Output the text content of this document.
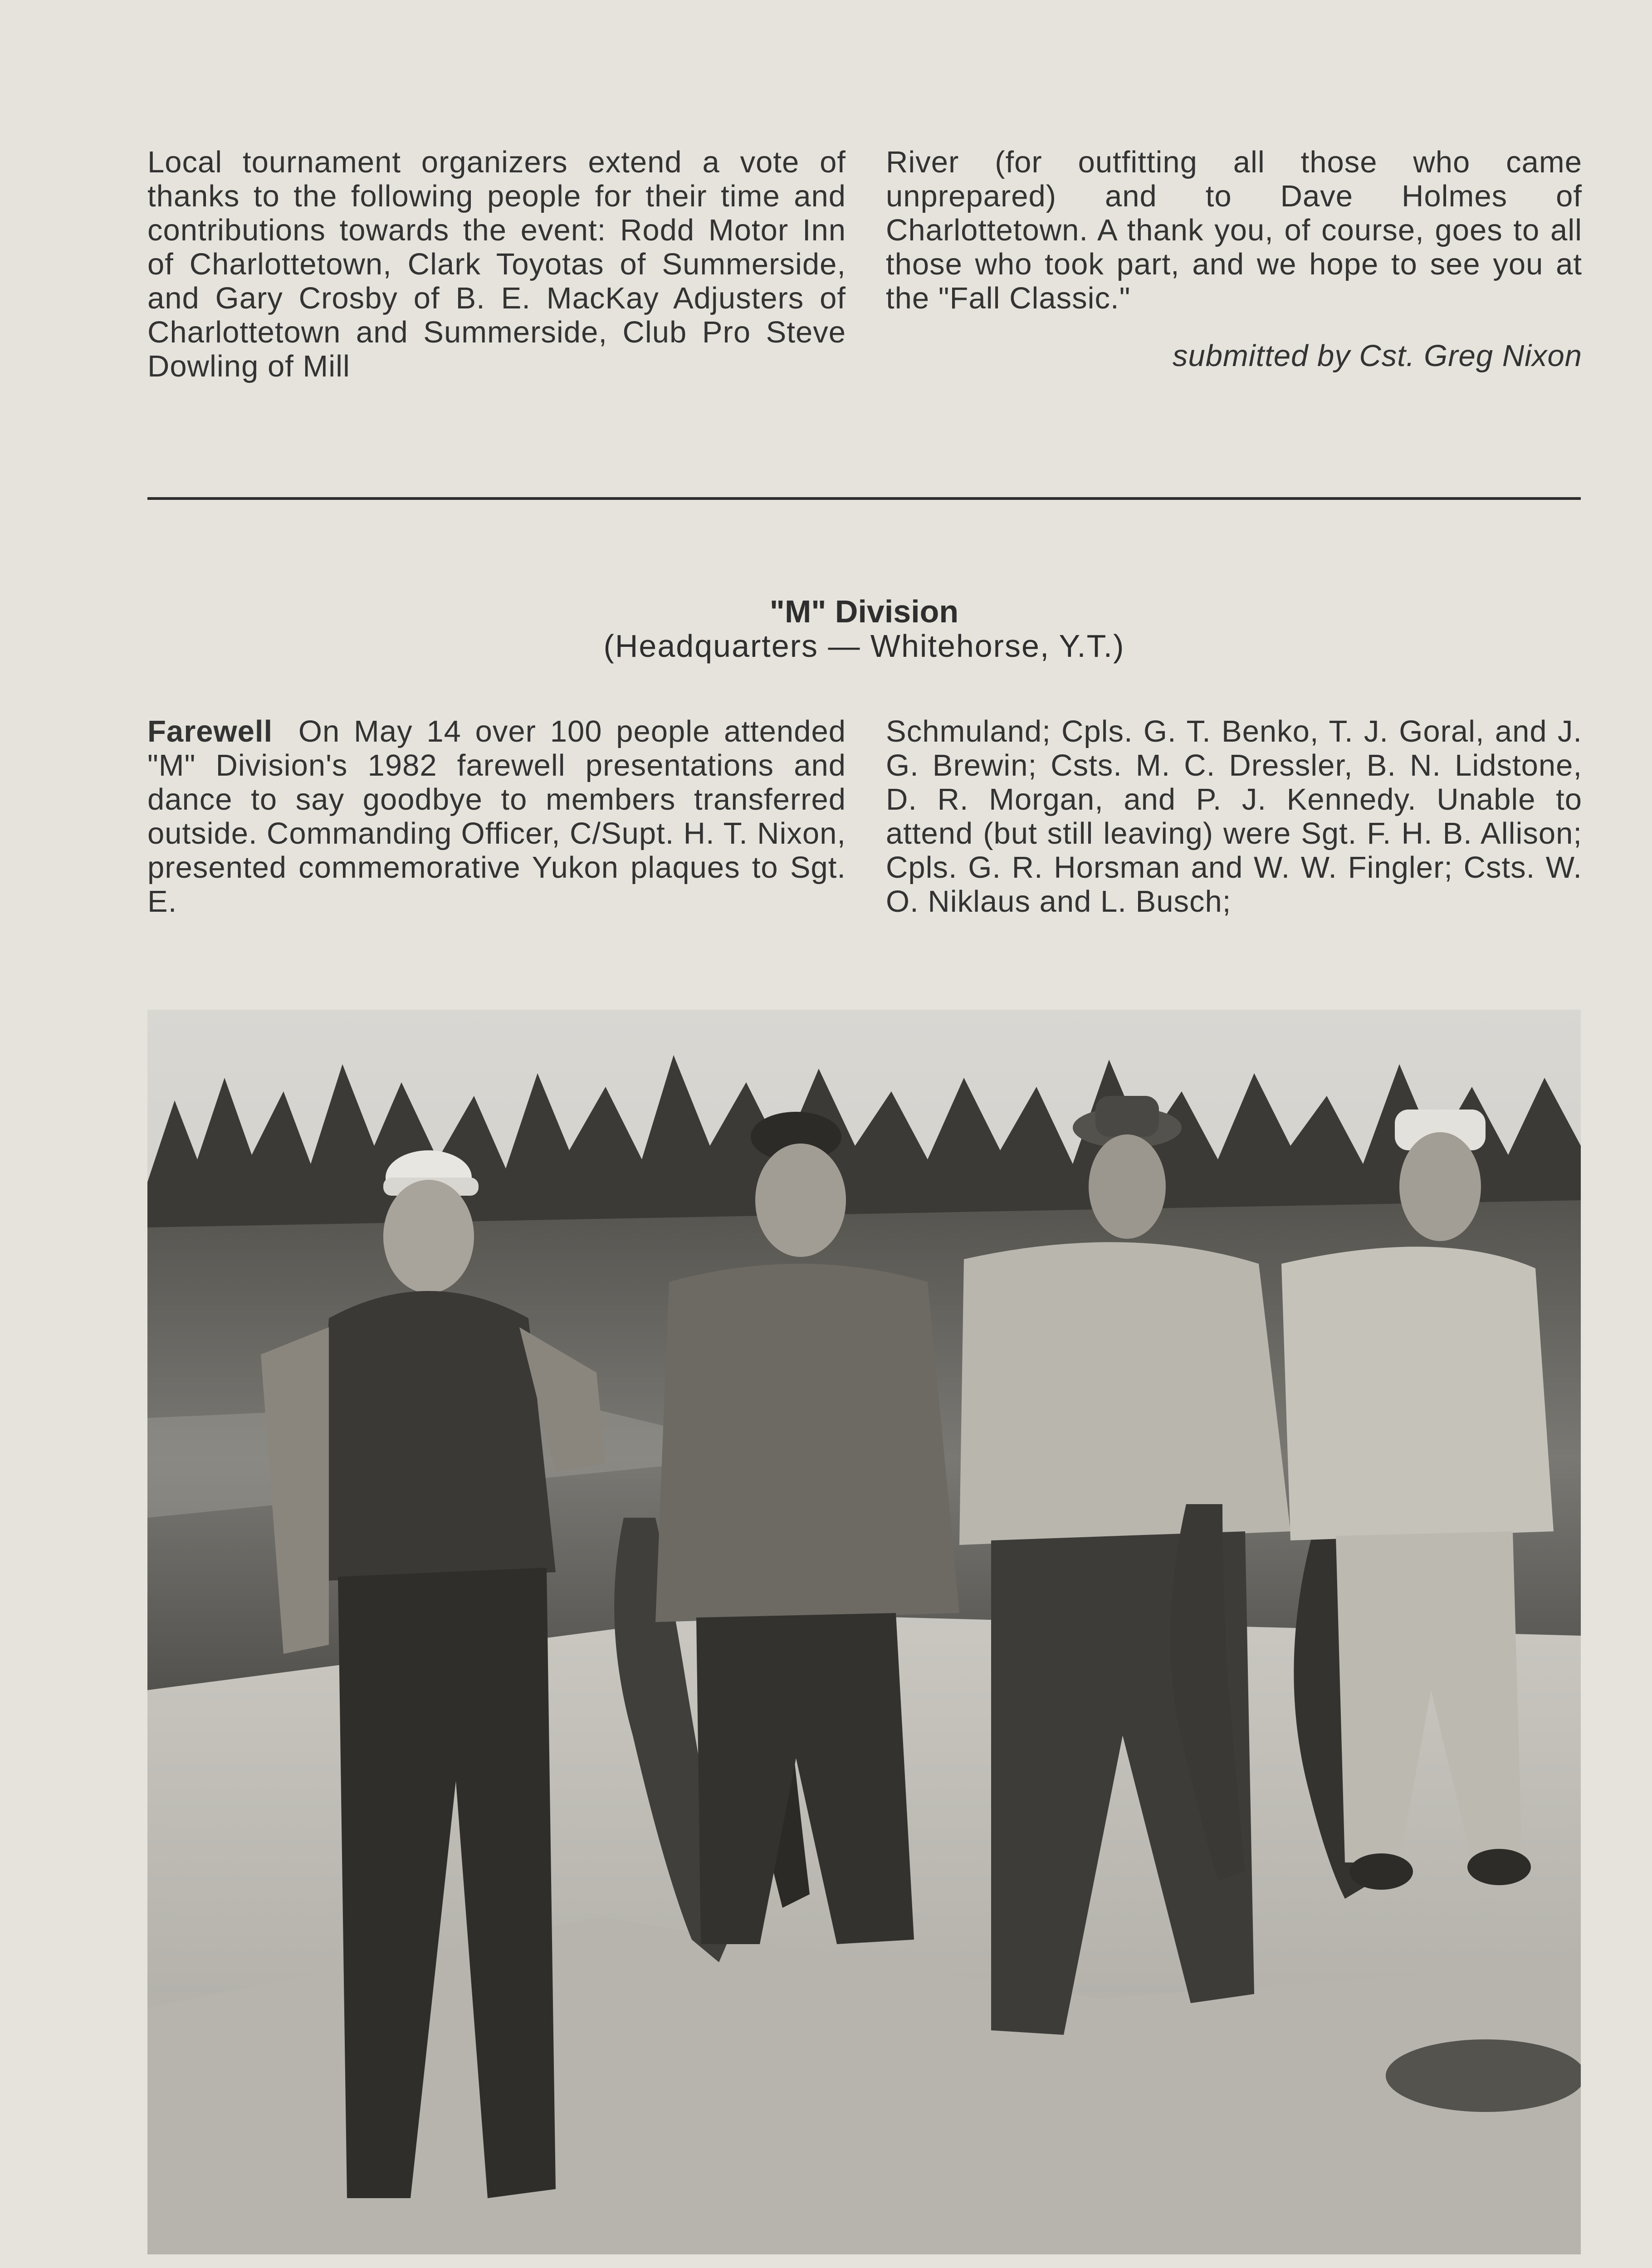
Local tournament organizers extend a vote of thanks to the following people for their time and contributions towards the event: Rodd Motor Inn of Charlottetown, Clark Toyotas of Summerside, and Gary Crosby of B. E. MacKay Adjusters of Charlottetown and Summerside, Club Pro Steve Dowling of Mill

River (for outfitting all those who came unprepared) and to Dave Holmes of Charlottetown. A thank you, of course, goes to all those who took part, and we hope to see you at the "Fall Classic."

submitted by Cst. Greg Nixon

"M" Division
(Headquarters — Whitehorse, Y.T.)

Farewell On May 14 over 100 people attended "M" Division's 1982 farewell presentations and dance to say goodbye to members transferred outside. Commanding Officer, C/Supt. H. T. Nixon, presented commemorative Yukon plaques to Sgt. E.

Schmuland; Cpls. G. T. Benko, T. J. Goral, and J. G. Brewin; Csts. M. C. Dressler, B. N. Lidstone, D. R. Morgan, and P. J. Kennedy. Unable to attend (but still leaving) were Sgt. F. H. B. Allison; Cpls. G. R. Horsman and W. W. Fingler; Csts. W. O. Niklaus and L. Busch;
